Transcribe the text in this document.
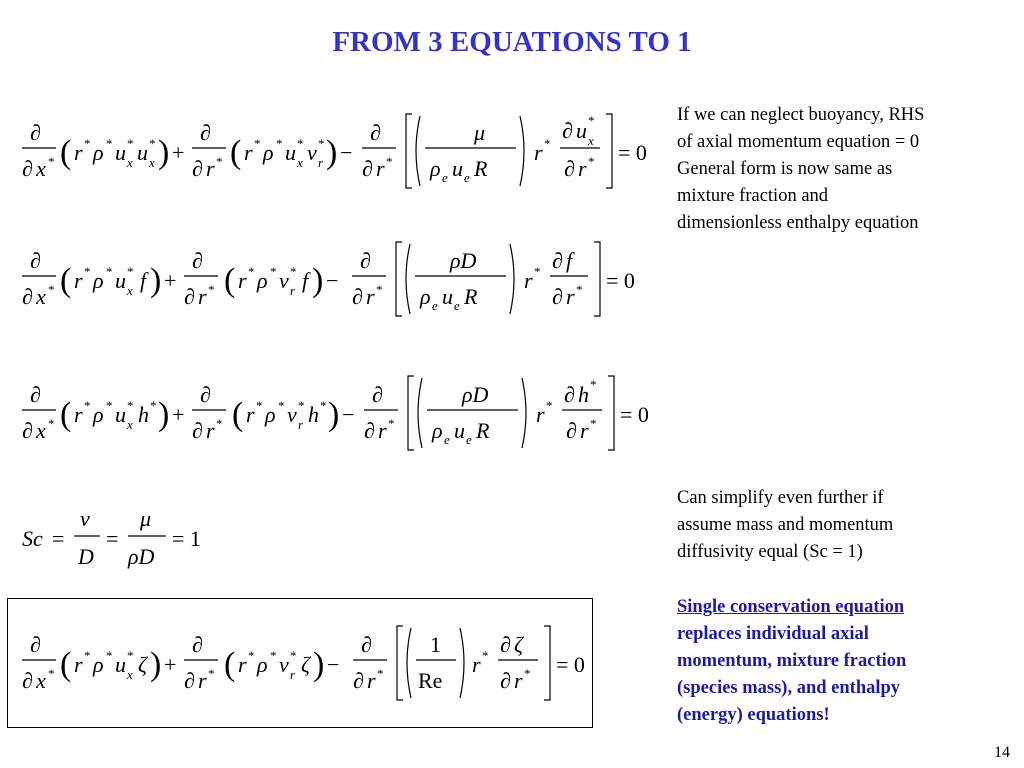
FROM 3 EQUATIONS TO 1
∂
∂ x * ( r * ρ * u *
x u *
x ) +
∂
∂ r * ( r * ρ * u *
x v *
r ) −
∂
∂ r *
μ
ρ e u e R
r *
∂ u *
x
∂ r * = 0
∂
∂ x * ( r * ρ * u *
x f ) +
∂
∂ r * ( r * ρ * v *
r f ) −
∂
∂ r *
ρD
ρ e u e R
r * ∂ f
∂ r * = 0
∂
∂ x * ( r * ρ * u *
x h * ) +
∂
∂ r * ( r * ρ * v *
r h * ) −
∂
∂ r *
ρD
ρ e u e R
r * ∂ h *
∂ r * = 0
Sc =
ν
D
=
μ
ρD
= 1
∂
∂ x * ( r * ρ * u *
x ζ ) +
∂
∂ r * ( r * ρ * v *
r ζ ) −
∂
∂ r *
1
Re
r * ∂ ζ
∂ r * = 0
If we can neglect buoyancy, RHS
of axial momentum equation = 0
General form is now same as
mixture fraction and
dimensionless enthalpy equation
Can simplify even further if
assume mass and momentum
diffusivity equal (Sc = 1)
Single conservation equation
replaces individual axial
momentum, mixture fraction
(species mass), and enthalpy
(energy) equations!
14
